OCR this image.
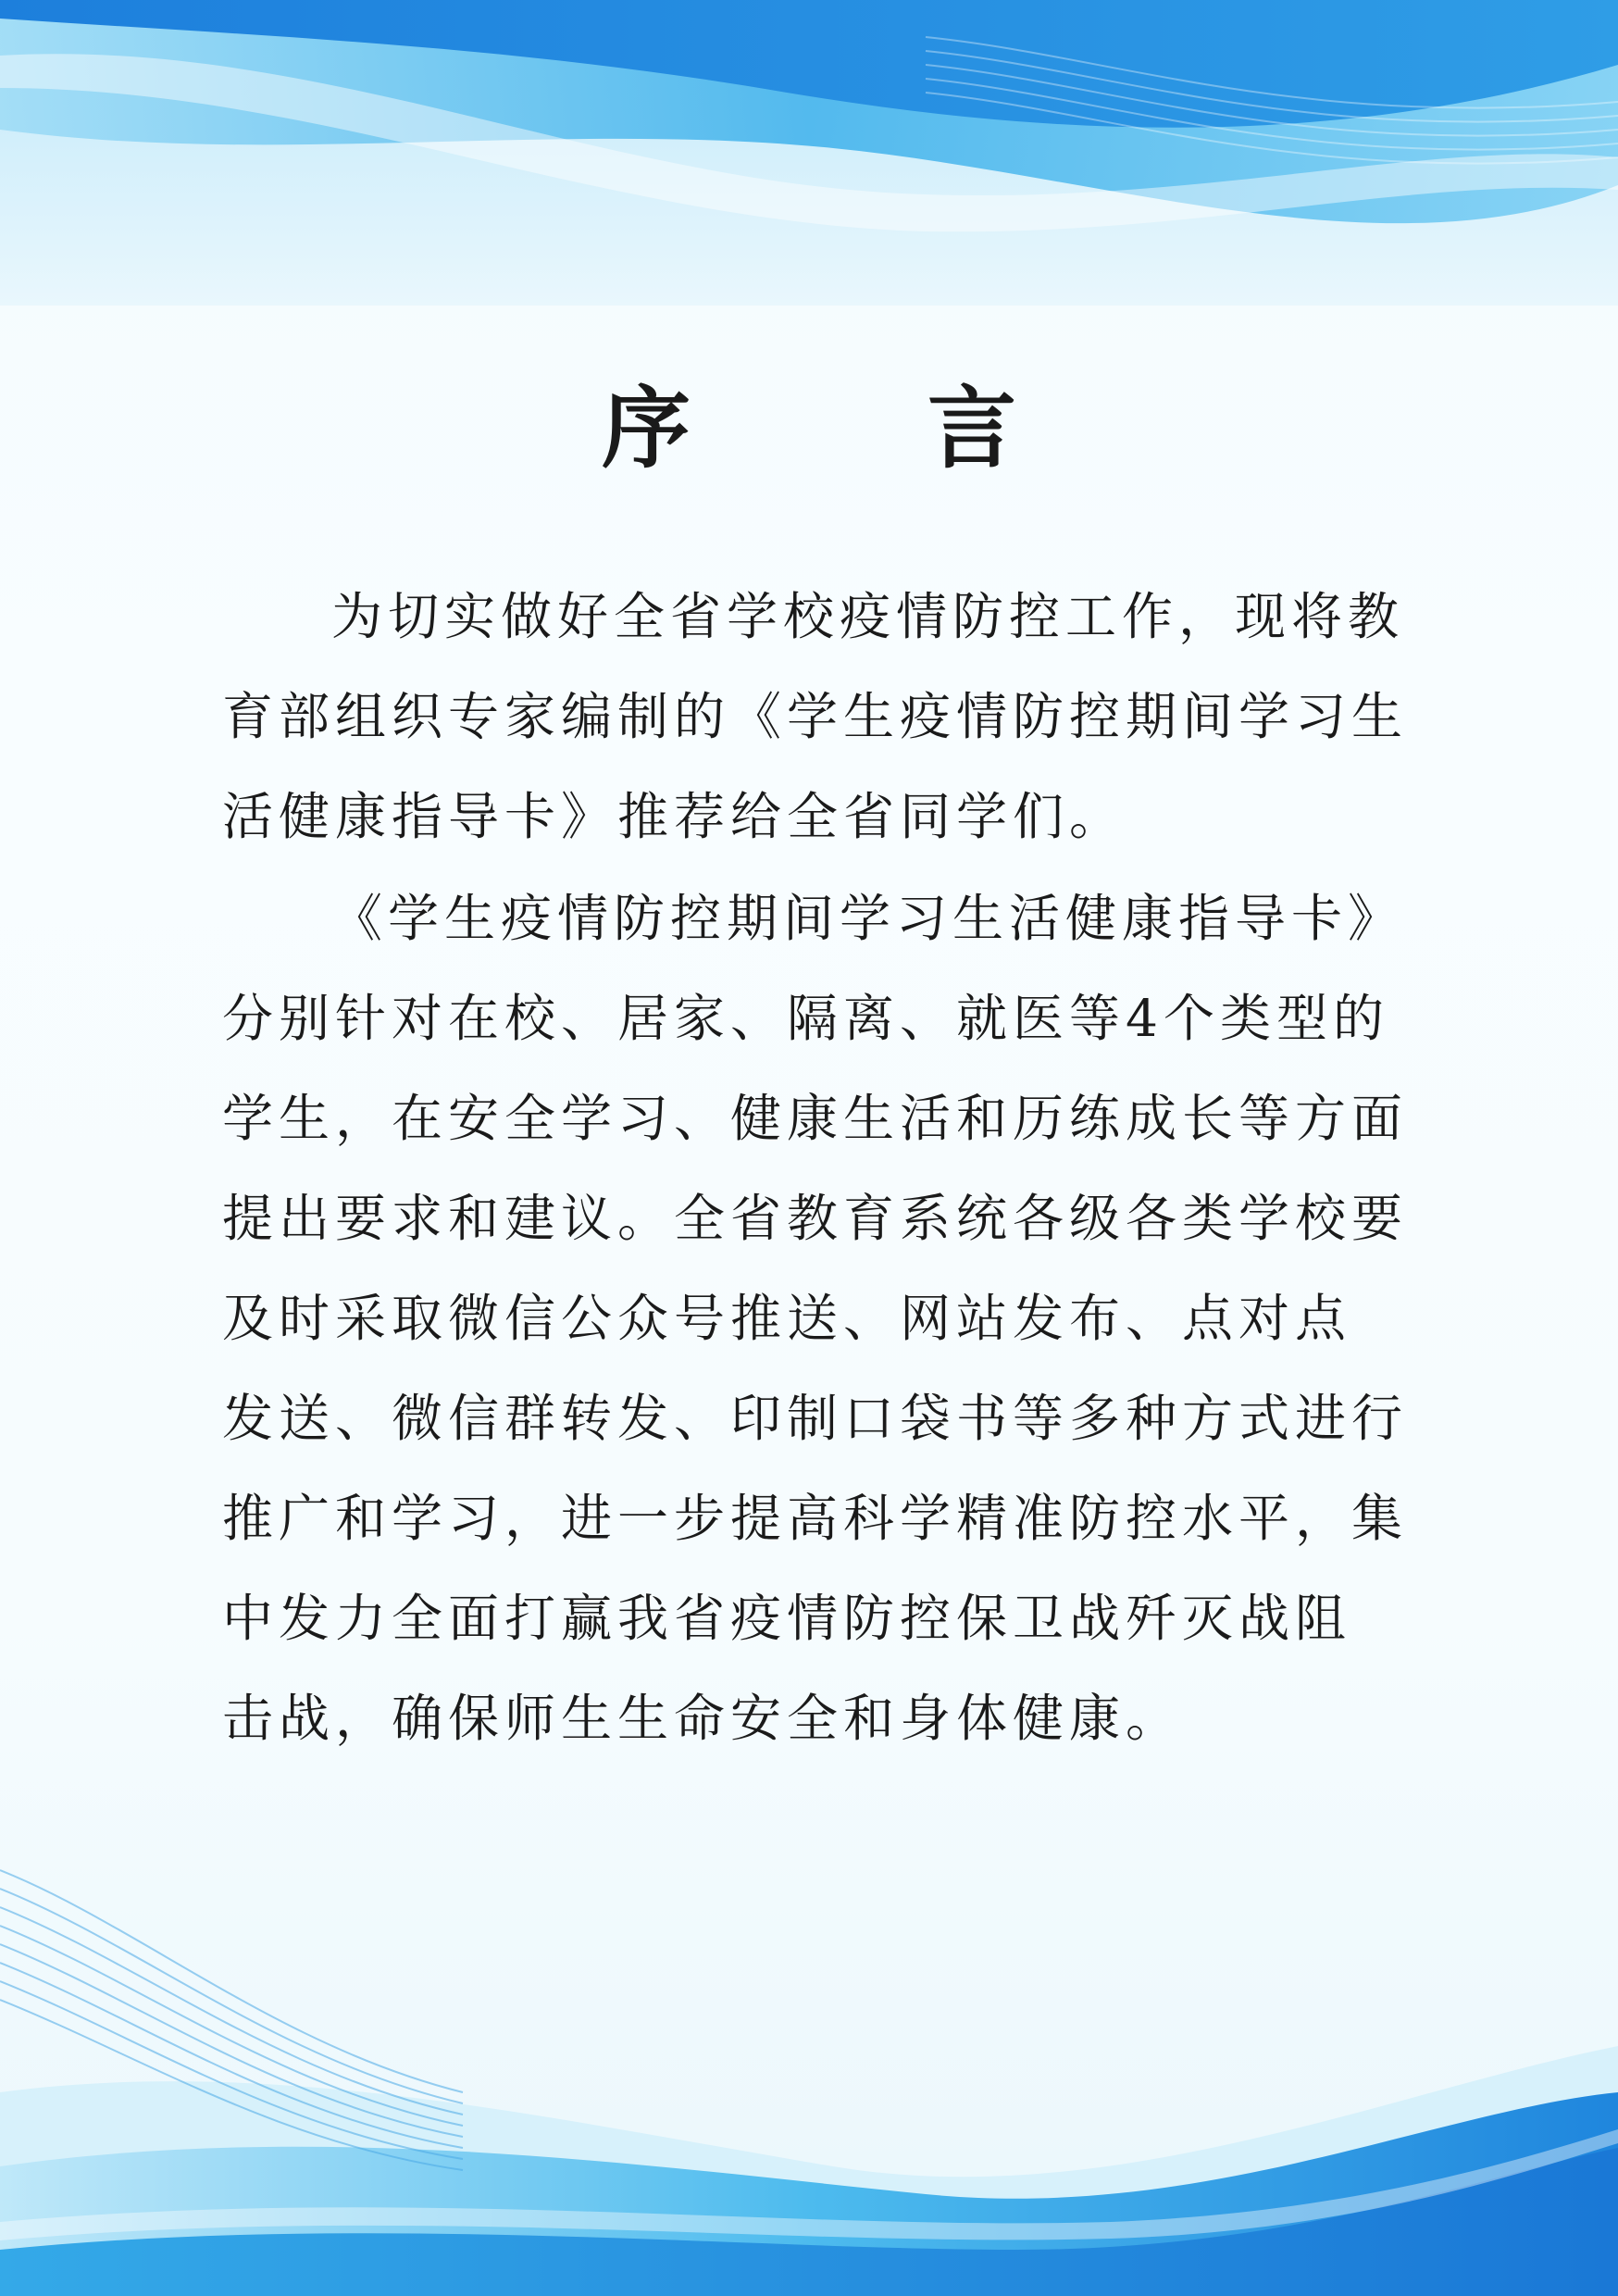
序　言
为切实做好全省学校疫情防控工作，现将教
育部组织专家编制的《学生疫情防控期间学习生
活健康指导卡》推荐给全省同学们。
《学生疫情防控期间学习生活健康指导卡》
分别针对在校、居家、隔离、就医等4个类型的
学生，在安全学习、健康生活和历练成长等方面
提出要求和建议。全省教育系统各级各类学校要
及时采取微信公众号推送、网站发布、点对点
发送、微信群转发、印制口袋书等多种方式进行
推广和学习，进一步提高科学精准防控水平，集
中发力全面打赢我省疫情防控保卫战歼灭战阻
击战，确保师生生命安全和身体健康。
